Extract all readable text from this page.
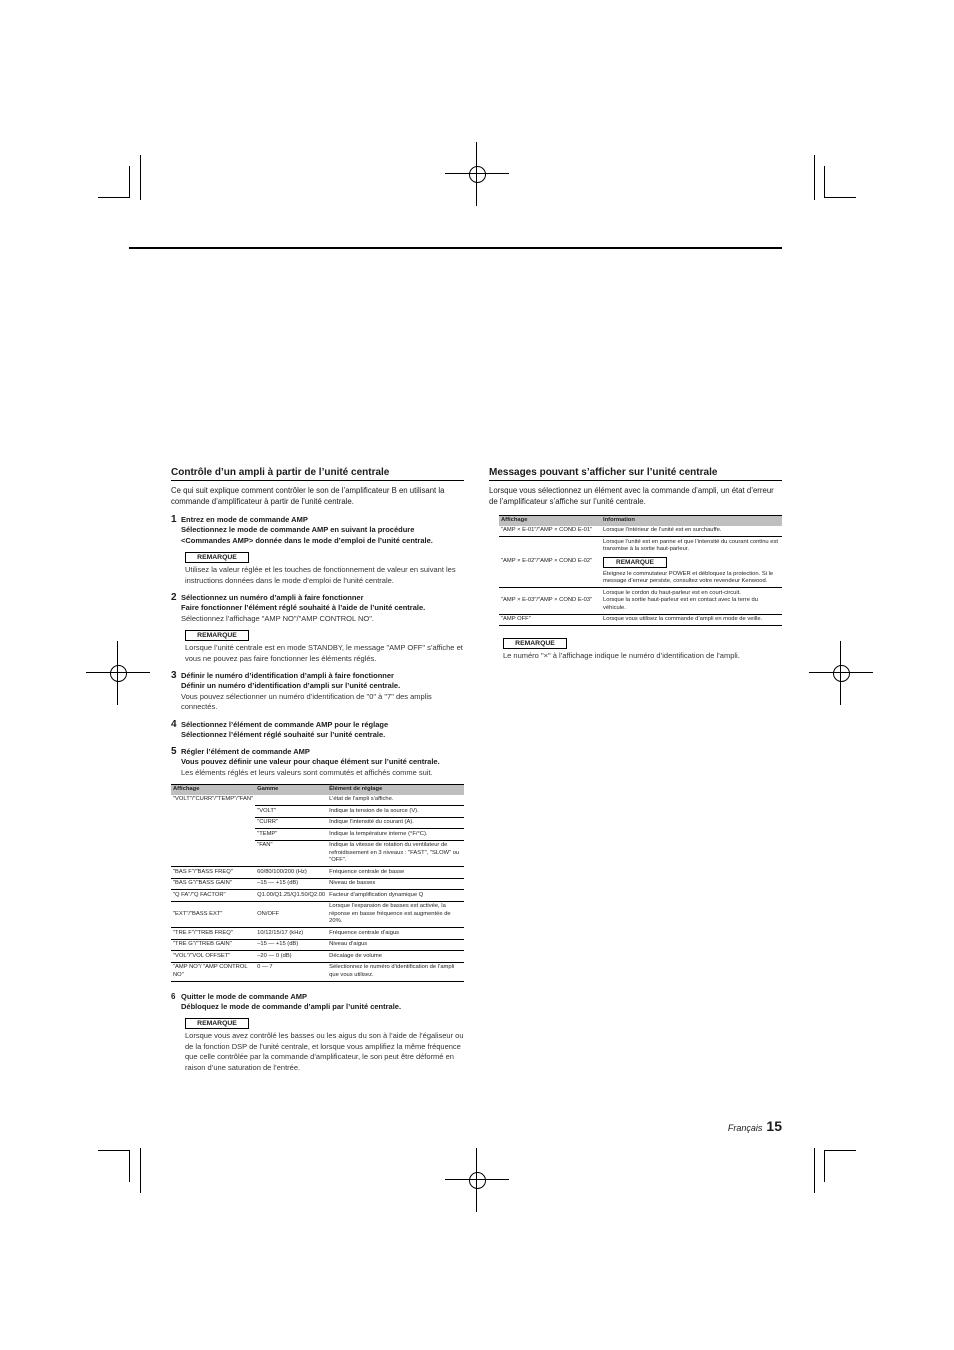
Contrôle d’un ampli à partir de l’unité centrale
Ce qui suit explique comment contrôler le son de l’amplificateur B en utilisant la commande d’amplificateur à partir de l’unité centrale.
1 Entrez en mode de commande AMP
Sélectionnez le mode de commande AMP en suivant la procédure <Commandes AMP> donnée dans le mode d’emploi de l’unité centrale.
REMARQUE
Utilisez la valeur réglée et les touches de fonctionnement de valeur en suivant les instructions données dans le mode d’emploi de l’unité centrale.
2 Sélectionnez un numéro d’ampli à faire fonctionner
Faire fonctionner l’élément réglé souhaité à l’aide de l’unité centrale.
Sélectionnez l’affichage "AMP NO"/"AMP CONTROL NO".
REMARQUE
Lorsque l’unité centrale est en mode STANDBY, le message "AMP OFF" s’affiche et vous ne pouvez pas faire fonctionner les éléments réglés.
3 Définir le numéro d’identification d’ampli à faire fonctionner
Définir un numéro d’identification d’ampli sur l’unité centrale.
Vous pouvez sélectionner un numéro d’identification de "0" à "7" des amplis connectés.
4 Sélectionnez l’élément de commande AMP pour le réglage
Sélectionnez l’élément réglé souhaité sur l’unité centrale.
5 Régler l’élément de commande AMP
Vous pouvez définir une valeur pour chaque élément sur l’unité centrale.
Les éléments réglés et leurs valeurs sont commutés et affichés comme suit.
Affichage	Gamme	Élément de réglage
"VOLT"/"CURR"/"TEMP"/"FAN"		L’état de l’ampli s’affiche.
	"VOLT"	Indique la tension de la source (V).
	"CURR"	Indique l’intensité du courant (A).
	"TEMP"	Indique la température interne (°F/°C).
	"FAN"	Indique la vitesse de rotation du ventilateur de refroidissement en 3 niveaux : "FAST", "SLOW" ou "OFF".
"BAS F"/"BASS FREQ"	60/80/100/200 (Hz)	Fréquence centrale de basse
"BAS G"/"BASS GAIN"	–15 — +15 (dB)	Niveau de basses
"Q FA"/"Q FACTOR"	Q1.00/Q1.25/Q1.50/Q2.00	Facteur d’amplification dynamique Q
"EXT"/"BASS EXT"	ON/OFF	Lorsque l’expansion de basses est activée, la réponse en basse fréquence est augmentée de 20%.
"TRE F"/"TREB FREQ"	10/12/15/17 (kHz)	Fréquence centrale d’aigus
"TRE G"/"TREB GAIN"	–15 — +15 (dB)	Niveau d’aigus
"VOL"/"VOL OFFSET"	–20 — 0 (dB)	Décalage de volume
"AMP NO"/ "AMP CONTROL NO"	0 — 7	Sélectionnez le numéro d’identification de l’ampli que vous utilisez.
6 Quitter le mode de commande AMP
Débloquez le mode de commande d’ampli par l’unité centrale.
REMARQUE
Lorsque vous avez contrôlé les basses ou les aigus du son à l’aide de l’égaliseur ou de la fonction DSP de l’unité centrale, et lorsque vous amplifiez la même fréquence que celle contrôlée par la commande d’amplificateur, le son peut être déformé en raison d’une saturation de l’entrée.
Messages pouvant s’afficher sur l’unité centrale
Lorsque vous sélectionnez un élément avec la commande d’ampli, un état d’erreur de l’amplificateur s’affiche sur l’unité centrale.
Affichage	Information
"AMP × E-01"/"AMP × COND E-01"	Lorsque l’intérieur de l’unité est en surchauffe.
"AMP × E-02"/"AMP × COND E-02"	Lorsque l’unité est en panne et que l’intensité du courant continu est transmise à la sortie haut-parleur.
REMARQUE
Éteignez le commutateur POWER et débloquez la protection. Si le message d’erreur persiste, consultez votre revendeur Kenwood.

"AMP × E-03"/"AMP × COND E-03"	Lorsque le cordon du haut-parleur est en court-circuit.
Lorsque la sortie haut-parleur est en contact avec la terre du véhicule.

"AMP OFF"	Lorsque vous utilisez la commande d’ampli en mode de veille.
REMARQUE
Le numéro "×" à l’affichage indique le numéro d’identification de l’ampli.
Français 15
